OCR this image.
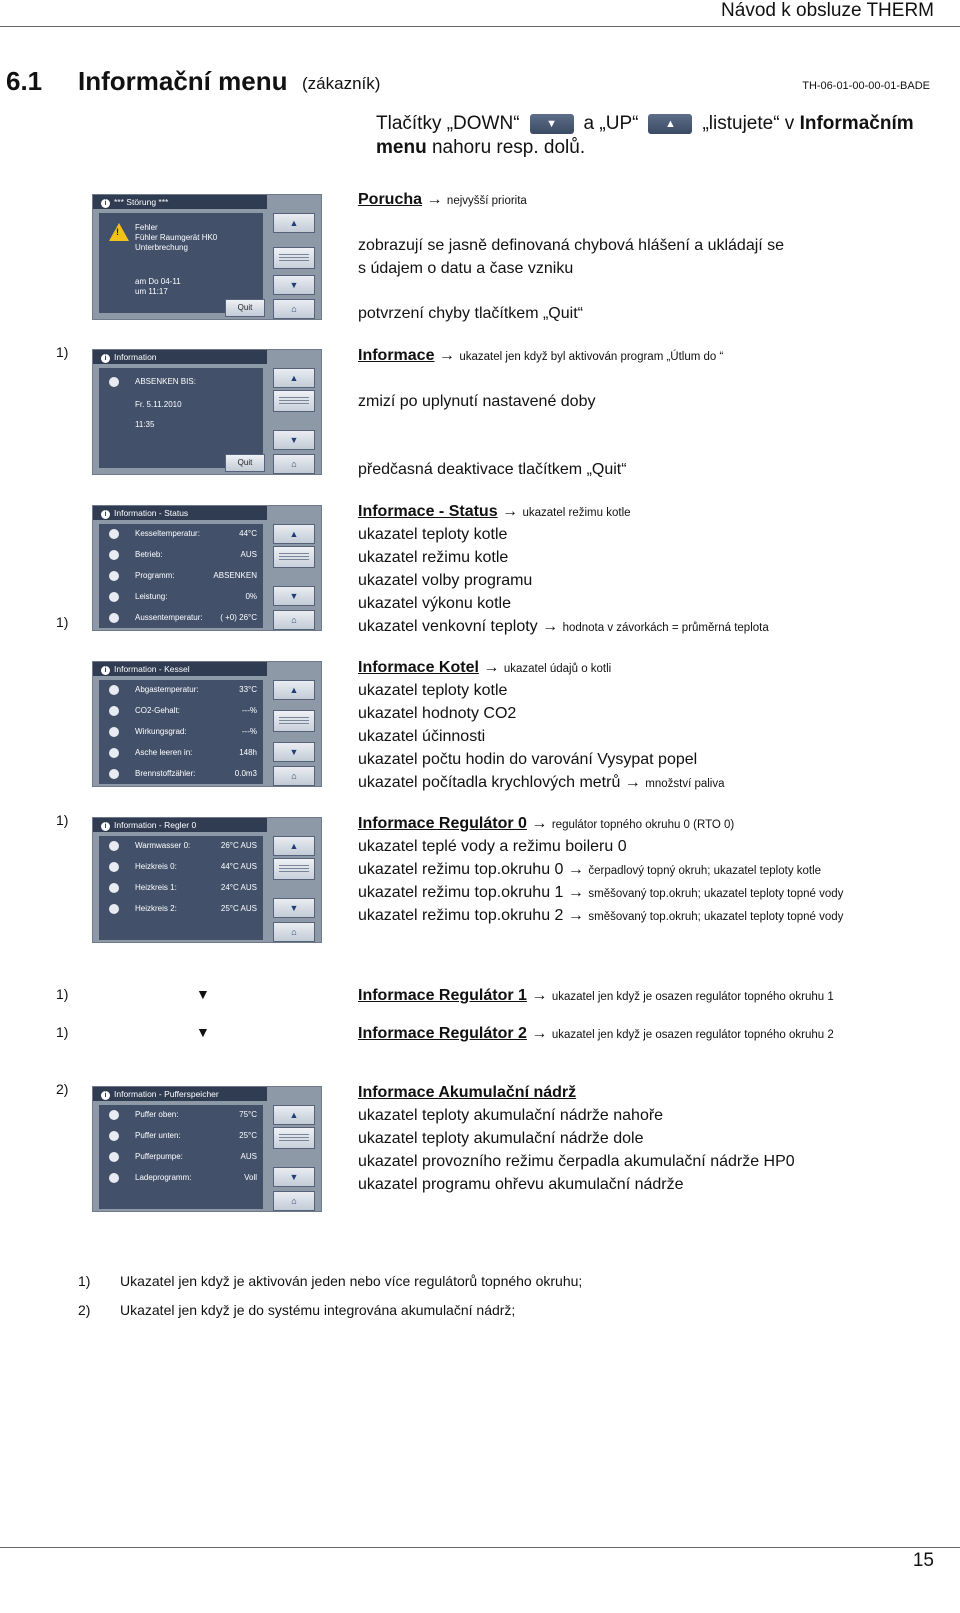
Návod k obsluze THERM
6.1 Informační menu (zákazník)	TH-06-01-00-00-01-BADE
Tlačítky „DOWN“ ▼ a „UP“ ▲ „listujete“ v Informačním
menu nahoru resp. dolů.
i *** Störung ***
! Fehler
Fühler Raumgerät HK0
Unterbrechung
am Do 04-11
um 11:17
Quit
▲
▼
⌂
Porucha → nejvyšší priorita
zobrazují se jasně definovaná chybová hlášení a ukládají se
s údajem o datu a čase vzniku
potvrzení chyby tlačítkem „Quit“
1)	i Information
ABSENKEN BIS:
Fr. 5.11.2010
11:35
Quit
▲
▼
⌂
Informace → ukazatel jen když byl aktivován program „Útlum do “
zmizí po uplynutí nastavené doby
předčasná deaktivace tlačítkem „Quit“
i Information - Status
Kesseltemperatur:	44°C
Betrieb:	AUS
Programm:	ABSENKEN
Leistung:	0%
Aussentemperatur: ( +0) 26°C
▲
▼
⌂
Informace - Status → ukazatel režimu kotle
ukazatel teploty kotle
ukazatel režimu kotle
ukazatel volby programu
ukazatel výkonu kotle
1)	ukazatel venkovní teploty → hodnota v závorkách = průměrná teplota
i Information - Kessel
Abgastemperatur:	33°C
CO2-Gehalt:	---%
Wirkungsgrad:	---%
Asche leeren in:	148h
Brennstoffzähler:	0.0m3
▲
▼
⌂
Informace Kotel → ukazatel údajů o kotli
ukazatel teploty kotle
ukazatel hodnoty CO2
ukazatel účinnosti
ukazatel počtu hodin do varování Vysypat popel
ukazatel počítadla krychlových metrů → množství paliva
1)	i Information - Regler 0
Warmwasser 0:	26°C AUS
Heizkreis 0:	44°C AUS
Heizkreis 1:	24°C AUS
Heizkreis 2:	25°C AUS
▲
▼
⌂
Informace Regulátor 0 → regulátor topného okruhu 0 (RTO 0)
ukazatel teplé vody a režimu boileru 0
ukazatel režimu top.okruhu 0 → čerpadlový topný okruh; ukazatel teploty kotle
ukazatel režimu top.okruhu 1 → směšovaný top.okruh; ukazatel teploty topné vody
ukazatel režimu top.okruhu 2 → směšovaný top.okruh; ukazatel teploty topné vody
1)	▼	Informace Regulátor 1 → ukazatel jen když je osazen regulátor topného okruhu 1
1)	▼	Informace Regulátor 2 → ukazatel jen když je osazen regulátor topného okruhu 2
2)	i Information - Pufferspeicher
Puffer oben:	75°C
Puffer unten:	25°C
Pufferpumpe:	AUS
Ladeprogramm:	Voll
▲
▼
⌂
Informace Akumulační nádrž
ukazatel teploty akumulační nádrže nahoře
ukazatel teploty akumulační nádrže dole
ukazatel provozního režimu čerpadla akumulační nádrže HP0
ukazatel programu ohřevu akumulační nádrže
1) Ukazatel jen když je aktivován jeden nebo více regulátorů topného okruhu;
2) Ukazatel jen když je do systému integrována akumulační nádrž;
15
